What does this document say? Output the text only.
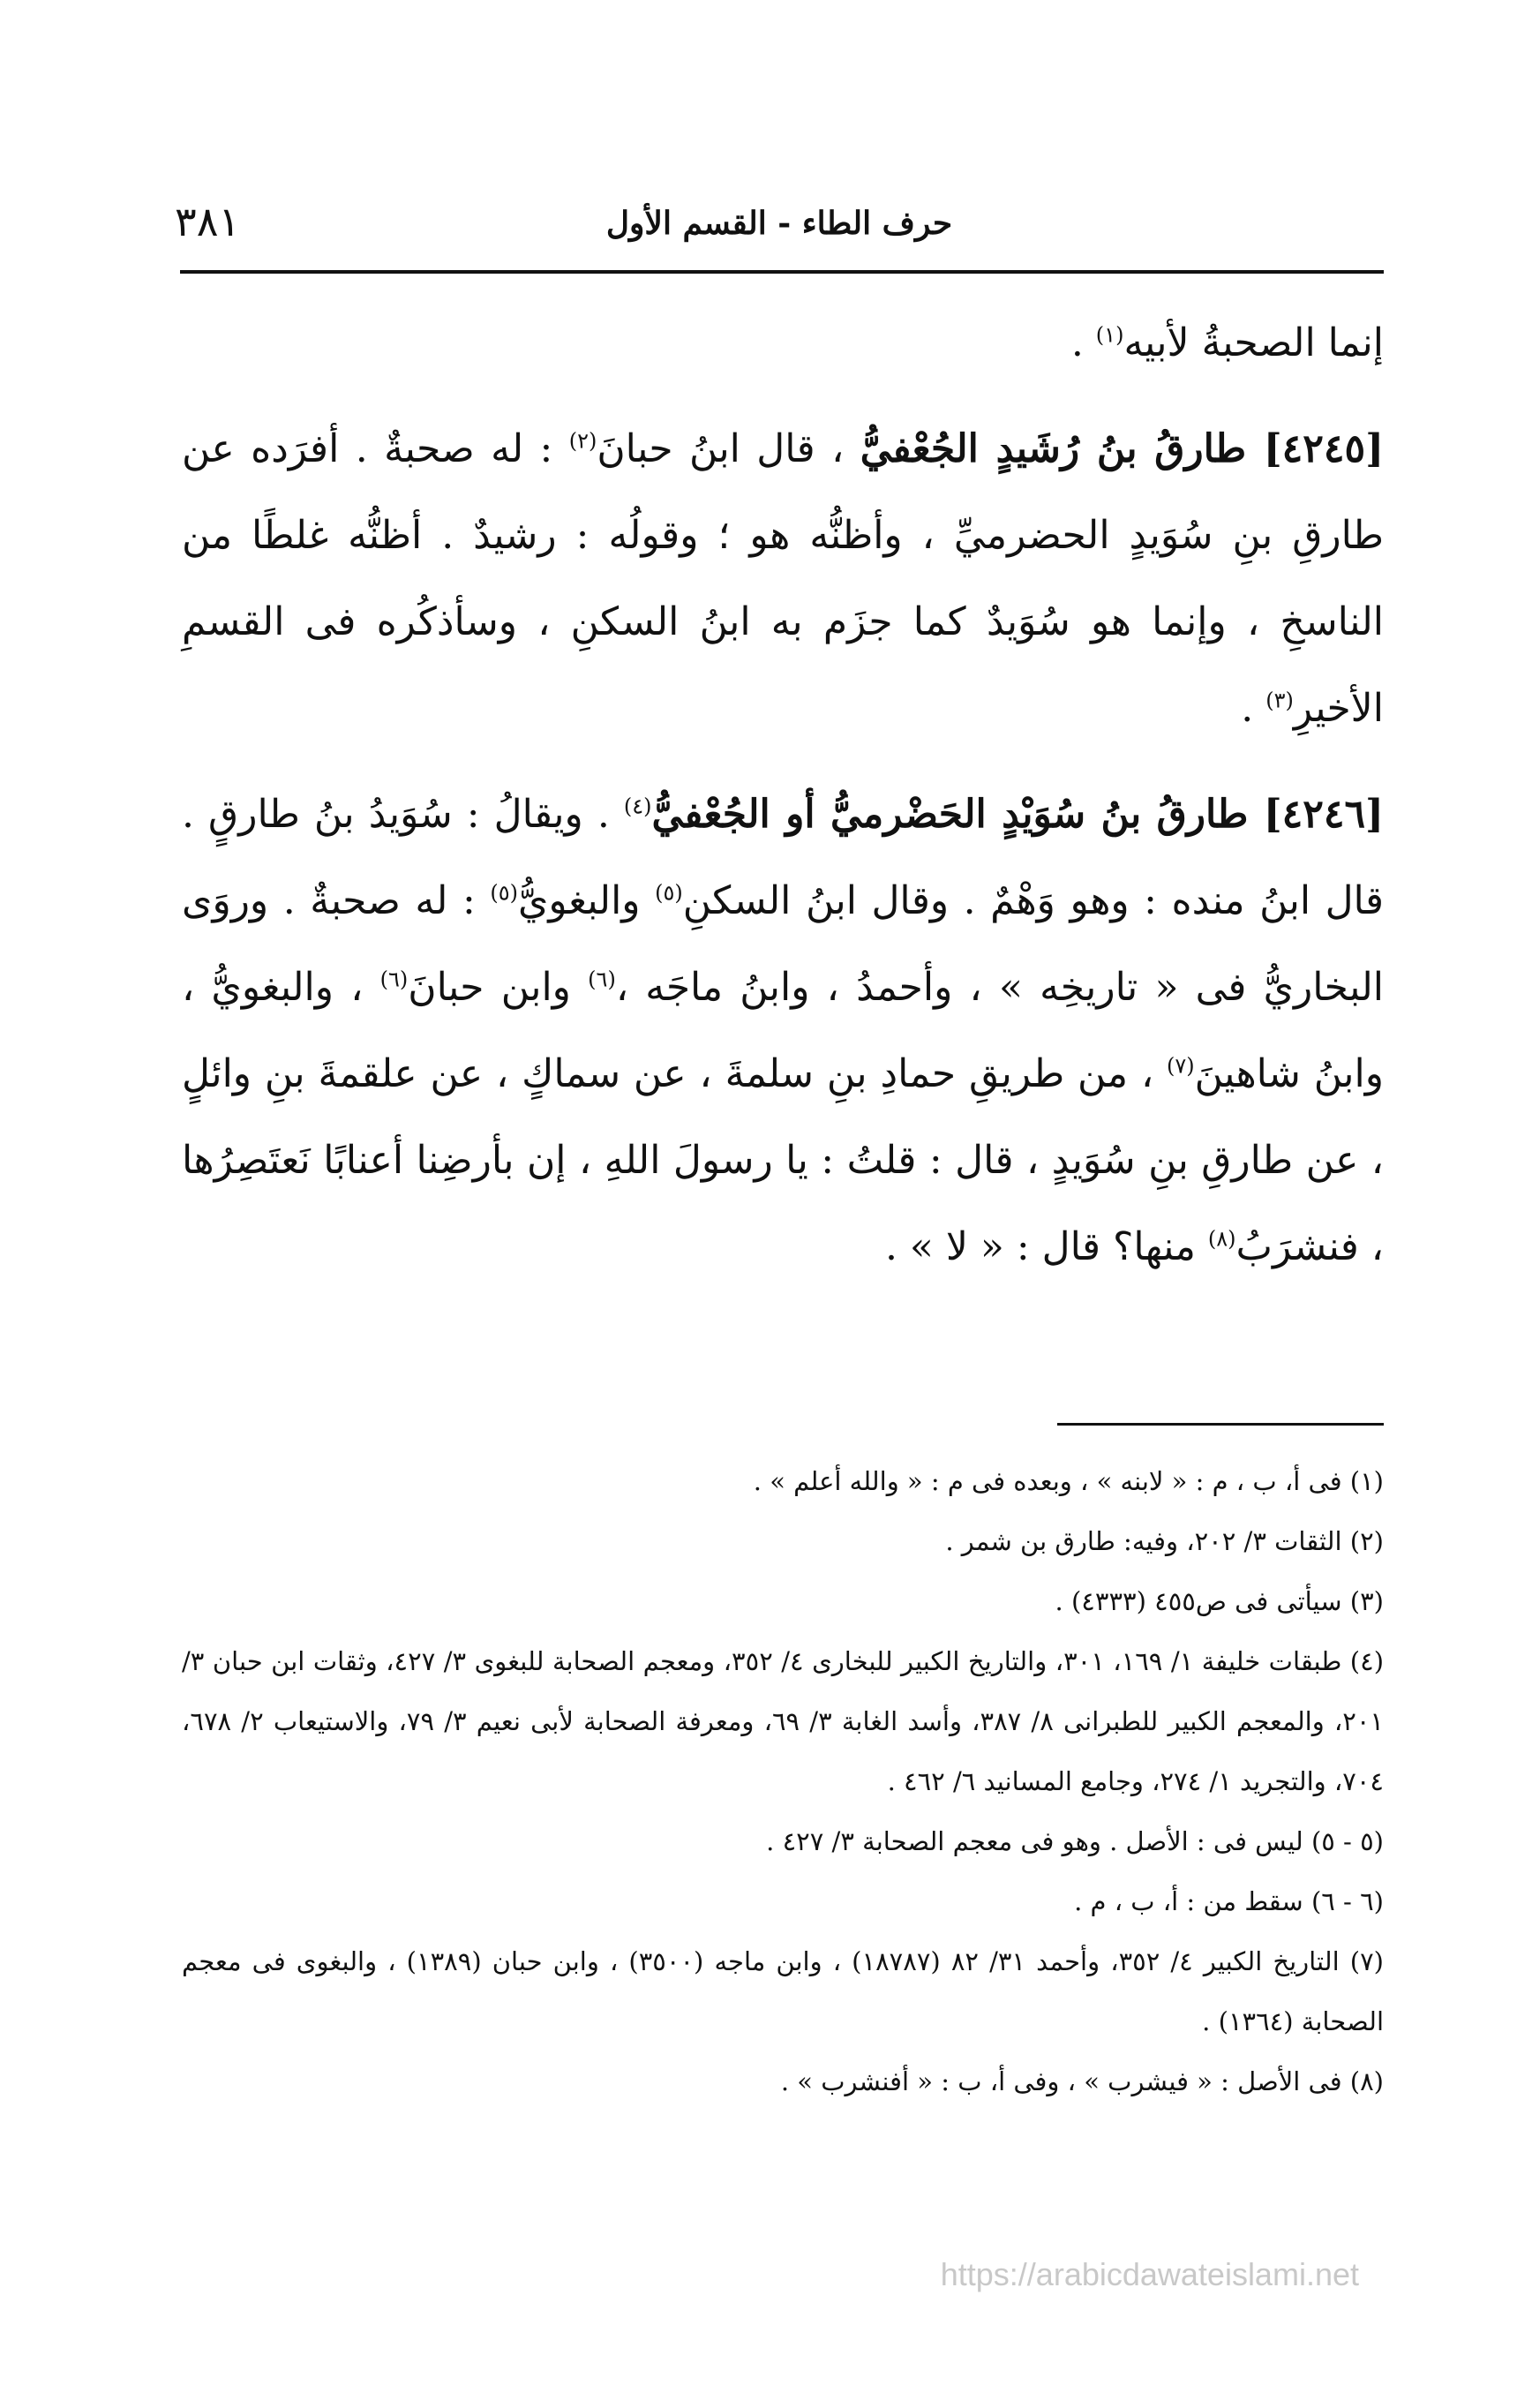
حرف الطاء - القسم الأول
٣٨١

إنما الصحبةُ لأبيه$^{(١)}$ .

[٤٢٤٥] طارقُ بنُ رُشَيدٍ الجُعْفيُّ ، قال ابنُ حبانَ$^{(٢)}$ : له صحبةٌ . أفرَده عن طارقِ بنِ سُوَيدٍ الحضرميِّ ، وأظنُّه هو ؛ وقولُه : رشيدٌ . أظنُّه غلطًا من الناسخِ ، وإنما هو سُوَيدٌ كما جزَم به ابنُ السكنِ ، وسأذكُره فى القسمِ الأخيرِ$^{(٣)}$ .

[٤٢٤٦] طارقُ بنُ سُوَيْدٍ الحَضْرميُّ أو الجُعْفيُّ$^{(٤)}$ . ويقالُ : سُوَيدُ بنُ طارقٍ . قال ابنُ منده : وهو وَهْمٌ . وقال ابنُ السكنِ$^{(٥)}$ والبغويُّ$^{(٥)}$ : له صحبةٌ . وروَى البخاريُّ فى « تاريخِه » ، وأحمدُ ، وابنُ ماجَه ،$^{(٦)}$ وابن حبانَ$^{(٦)}$ ، والبغويُّ ، وابنُ شاهينَ$^{(٧)}$ ، من طريقِ حمادِ بنِ سلمةَ ، عن سماكٍ ، عن علقمةَ بنِ وائلٍ ، عن طارقِ بنِ سُوَيدٍ ، قال : قلتُ : يا رسولَ اللهِ ، إن بأرضِنا أعنابًا نَعتَصِرُها ، فنشرَبُ$^{(٨)}$ منها؟ قال : « لا » .

(١) فى أ، ب ، م : « لابنه » ، وبعده فى م : « والله أعلم » .

(٢) الثقات ٣/ ٢٠٢، وفيه: طارق بن شمر .

(٣) سيأتى فى ص٤٥٥ (٤٣٣٣) .

(٤) طبقات خليفة ١/ ١٦٩، ٣٠١، والتاريخ الكبير للبخارى ٤/ ٣٥٢، ومعجم الصحابة للبغوى ٣/ ٤٢٧، وثقات ابن حبان ٣/ ٢٠١، والمعجم الكبير للطبرانى ٨/ ٣٨٧، وأسد الغابة ٣/ ٦٩، ومعرفة الصحابة لأبى نعيم ٣/ ٧٩، والاستيعاب ٢/ ٦٧٨، ٧٠٤، والتجريد ١/ ٢٧٤، وجامع المسانيد ٦/ ٤٦٢ .

(٥ - ٥) ليس فى : الأصل . وهو فى معجم الصحابة ٣/ ٤٢٧ .

(٦ - ٦) سقط من : أ، ب ، م .

(٧) التاريخ الكبير ٤/ ٣٥٢، وأحمد ٣١/ ٨٢ (١٨٧٨٧) ، وابن ماجه (٣٥٠٠) ، وابن حبان (١٣٨٩) ، والبغوى فى معجم الصحابة (١٣٦٤) .

(٨) فى الأصل : « فيشرب » ، وفى أ، ب : « أفنشرب » .

https://arabicdawateislami.net
